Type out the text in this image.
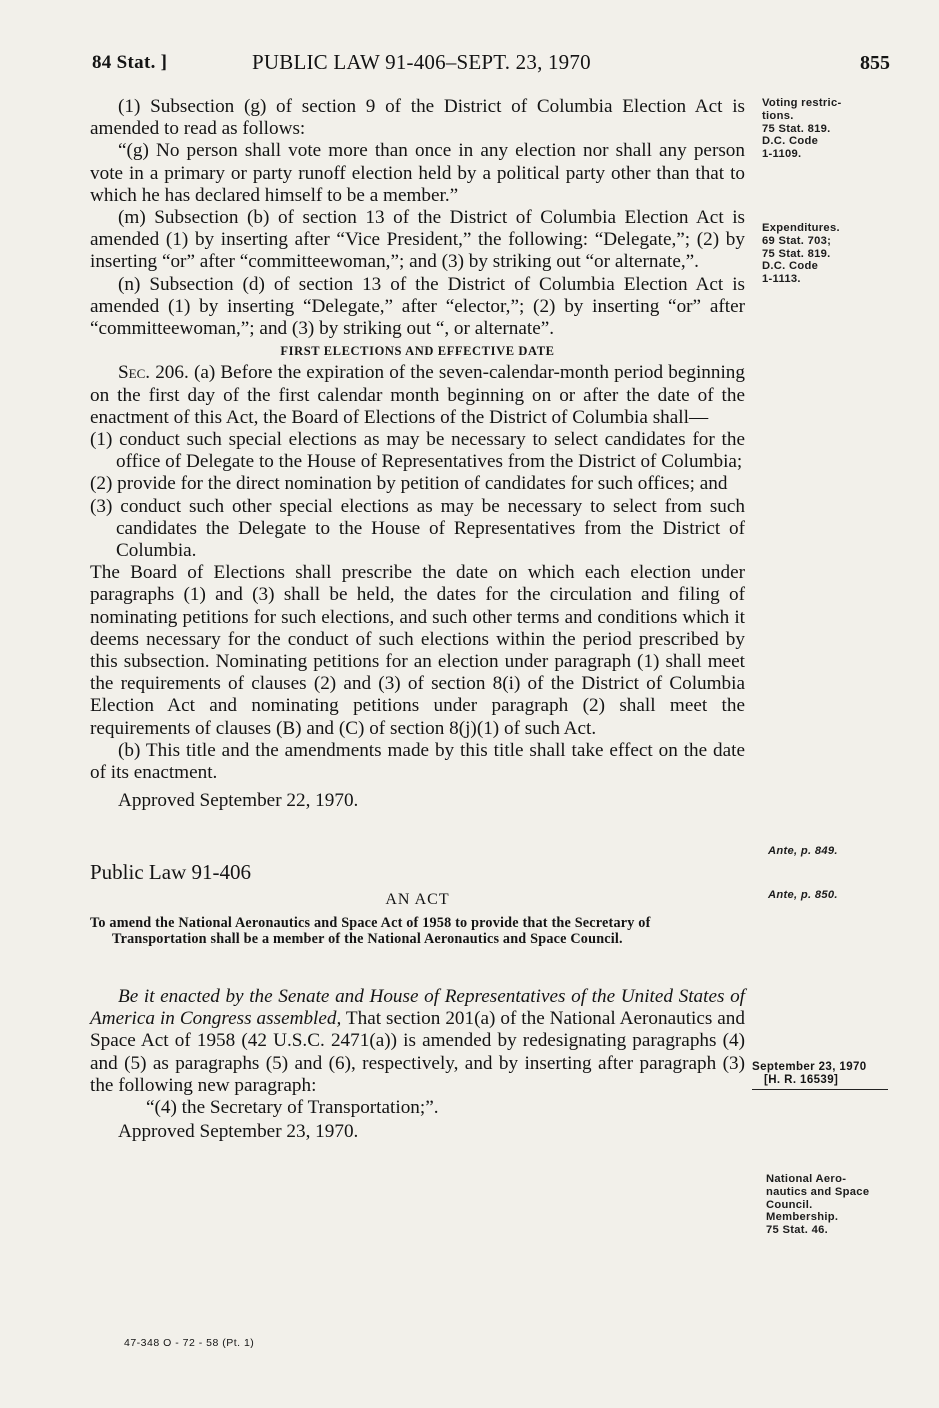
84 Stat. ]	PUBLIC LAW 91-406–SEPT. 23, 1970	855

(1) Subsection (g) of section 9 of the District of Columbia Election Act is amended to read as follows:

“(g) No person shall vote more than once in any election nor shall any person vote in a primary or party runoff election held by a political party other than that to which he has declared himself to be a member.”

(m) Subsection (b) of section 13 of the District of Columbia Election Act is amended (1) by inserting after “Vice President,” the following: “Delegate,”; (2) by inserting “or” after “committeewoman,”; and (3) by striking out “or alternate,”.

(n) Subsection (d) of section 13 of the District of Columbia Election Act is amended (1) by inserting “Delegate,” after “elector,”; (2) by inserting “or” after “committeewoman,”; and (3) by striking out “, or alternate”.

FIRST ELECTIONS AND EFFECTIVE DATE

Sec. 206. (a) Before the expiration of the seven-calendar-month period beginning on the first day of the first calendar month beginning on or after the date of the enactment of this Act, the Board of Elections of the District of Columbia shall—

(1) conduct such special elections as may be necessary to select candidates for the office of Delegate to the House of Representatives from the District of Columbia;

(2) provide for the direct nomination by petition of candidates for such offices; and

(3) conduct such other special elections as may be necessary to select from such candidates the Delegate to the House of Representatives from the District of Columbia.

The Board of Elections shall prescribe the date on which each election under paragraphs (1) and (3) shall be held, the dates for the circulation and filing of nominating petitions for such elections, and such other terms and conditions which it deems necessary for the conduct of such elections within the period prescribed by this subsection. Nominating petitions for an election under paragraph (1) shall meet the requirements of clauses (2) and (3) of section 8(i) of the District of Columbia Election Act and nominating petitions under paragraph (2) shall meet the requirements of clauses (B) and (C) of section 8(j)(1) of such Act.

(b) This title and the amendments made by this title shall take effect on the date of its enactment.

Approved September 22, 1970.

Public Law 91-406

AN ACT

To amend the National Aeronautics and Space Act of 1958 to provide that the Secretary of Transportation shall be a member of the National Aeronautics and Space Council.

Be it enacted by the Senate and House of Representatives of the United States of America in Congress assembled, That section 201(a) of the National Aeronautics and Space Act of 1958 (42 U.S.C. 2471(a)) is amended by redesignating paragraphs (4) and (5) as paragraphs (5) and (6), respectively, and by inserting after paragraph (3) the following new paragraph:

“(4) the Secretary of Transportation;”.

Approved September 23, 1970.

Voting restric-
tions.
75 Stat. 819.
D.C. Code
1-1109.
Expenditures.
69 Stat. 703;
75 Stat. 819.
D.C. Code
1-1113.
Ante, p. 849.
Ante, p. 850.
September 23, 1970
[H. R. 16539]
National Aero-
nautics and Space
Council.
Membership.
75 Stat. 46.
47-348 O - 72 - 58 (Pt. 1)
